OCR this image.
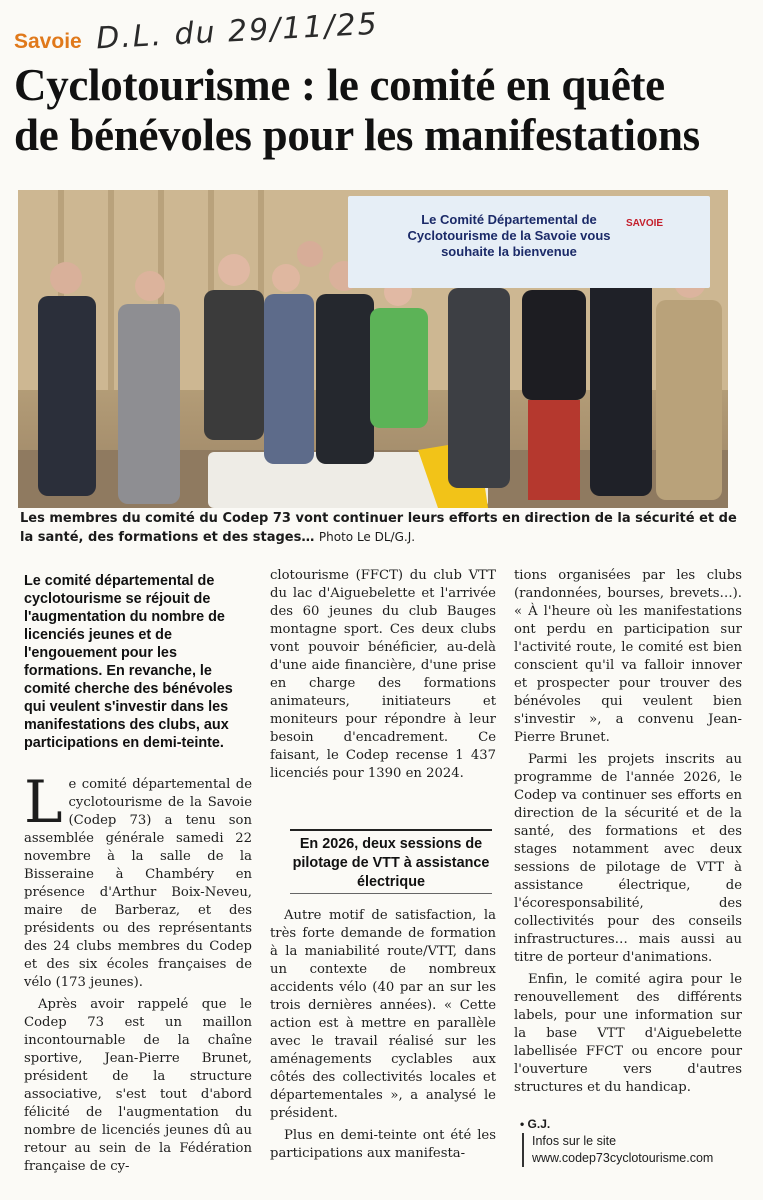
Savoie D.L. du 29/11/25
Cyclotourisme : le comité en quête
de bénévoles pour les manifestations
Le Comité Départemental de Cyclotourisme de la Savoie vous souhaite la bienvenue
SAVOIE
Les membres du comité du Codep 73 vont continuer leurs efforts en direction de la sécurité et de la santé, des formations et des stages… Photo Le DL/G.J.
Le comité départemental de cyclotourisme se réjouit de l'augmentation du nombre de licenciés jeunes et de l'engouement pour les formations. En revanche, le comité cherche des bénévoles qui veulent s'investir dans les manifestations des clubs, aux participations en demi-teinte.

Le comité départemental de cyclotourisme de la Savoie (Codep 73) a tenu son assemblée générale samedi 22 novembre à la salle de la Bisseraine à Chambéry en présence d'Arthur Boix-Neveu, maire de Barberaz, et des présidents ou des représentants des 24 clubs membres du Codep et des six écoles françaises de vélo (173 jeunes).

Après avoir rappelé que le Codep 73 est un maillon incontournable de la chaîne sportive, Jean-Pierre Brunet, président de la structure associative, s'est tout d'abord félicité de l'augmentation du nombre de licenciés jeunes dû au retour au sein de la Fédération française de cy-

clotourisme (FFCT) du club VTT du lac d'Aiguebelette et l'arrivée des 60 jeunes du club Bauges montagne sport. Ces deux clubs vont pouvoir bénéficier, au-delà d'une aide financière, d'une prise en charge des formations animateurs, initiateurs et moniteurs pour répondre à leur besoin d'encadrement. Ce faisant, le Codep recense 1 437 licenciés pour 1390 en 2024.

En 2026, deux sessions de pilotage de VTT à assistance électrique

Autre motif de satisfaction, la très forte demande de formation à la maniabilité route/VTT, dans un contexte de nombreux accidents vélo (40 par an sur les trois dernières années). « Cette action est à mettre en parallèle avec le travail réalisé sur les aménagements cyclables aux côtés des collectivités locales et départementales », a analysé le président.

Plus en demi-teinte ont été les participations aux manifesta-

tions organisées par les clubs (randonnées, bourses, brevets…). « À l'heure où les manifestations ont perdu en participation sur l'activité route, le comité est bien conscient qu'il va falloir innover et prospecter pour trouver des bénévoles qui veulent bien s'investir », a convenu Jean-Pierre Brunet.

Parmi les projets inscrits au programme de l'année 2026, le Codep va continuer ses efforts en direction de la sécurité et de la santé, des formations et des stages notamment avec deux sessions de pilotage de VTT à assistance électrique, de l'écoresponsabilité, des collectivités pour des conseils infrastructures… mais aussi au titre de porteur d'animations.

Enfin, le comité agira pour le renouvellement des différents labels, pour une information sur la base VTT d'Aiguebelette labellisée FFCT ou encore pour l'ouverture vers d'autres structures et du handicap.

• G.J.
Infos sur le site www.codep73cyclotourisme.com
